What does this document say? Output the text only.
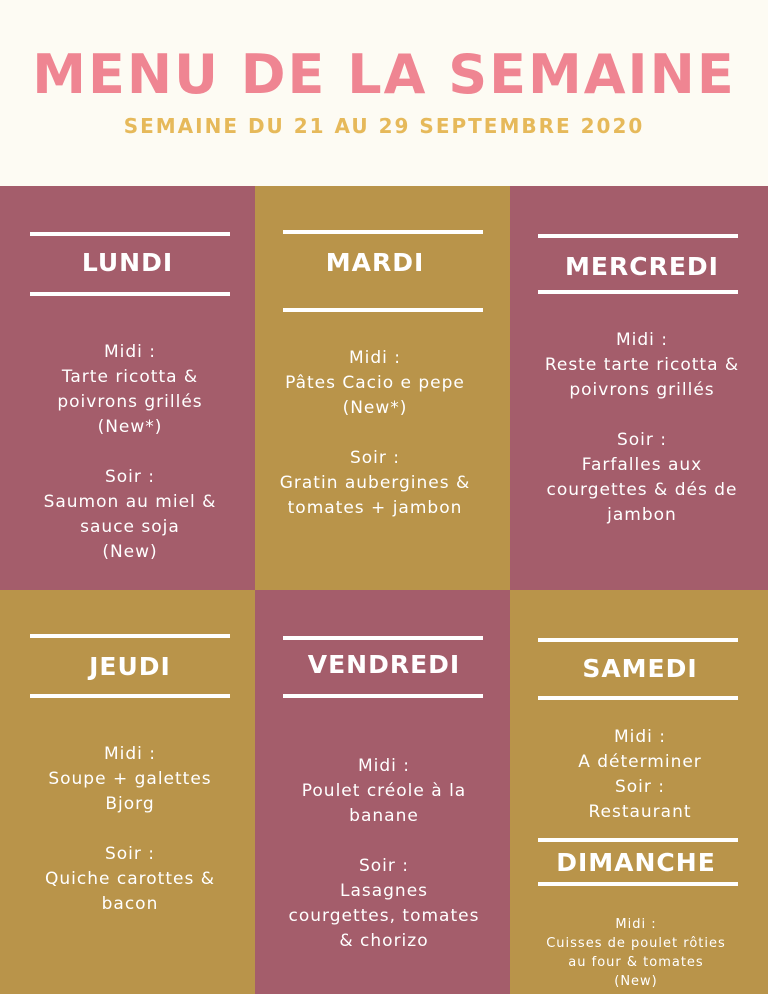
MENU DE LA SEMAINE
SEMAINE DU 21 AU 29 SEPTEMBRE 2020
LUNDI

Midi :

Tarte ricotta &

poivrons grillés

(New*)

Soir :

Saumon au miel &

sauce soja

(New)

MARDI

Midi :

Pâtes Cacio e pepe

(New*)

Soir :

Gratin aubergines &

tomates + jambon

MERCREDI

Midi :

Reste tarte ricotta &

poivrons grillés

Soir :

Farfalles aux

courgettes & dés de

jambon

JEUDI

Midi :

Soupe + galettes

Bjorg

Soir :

Quiche carottes &

bacon

VENDREDI

Midi :

Poulet créole à la

banane

Soir :

Lasagnes

courgettes, tomates

& chorizo

SAMEDI

Midi :

A déterminer

Soir :

Restaurant

DIMANCHE

Midi :

Cuisses de poulet rôties

au four & tomates

(New)
